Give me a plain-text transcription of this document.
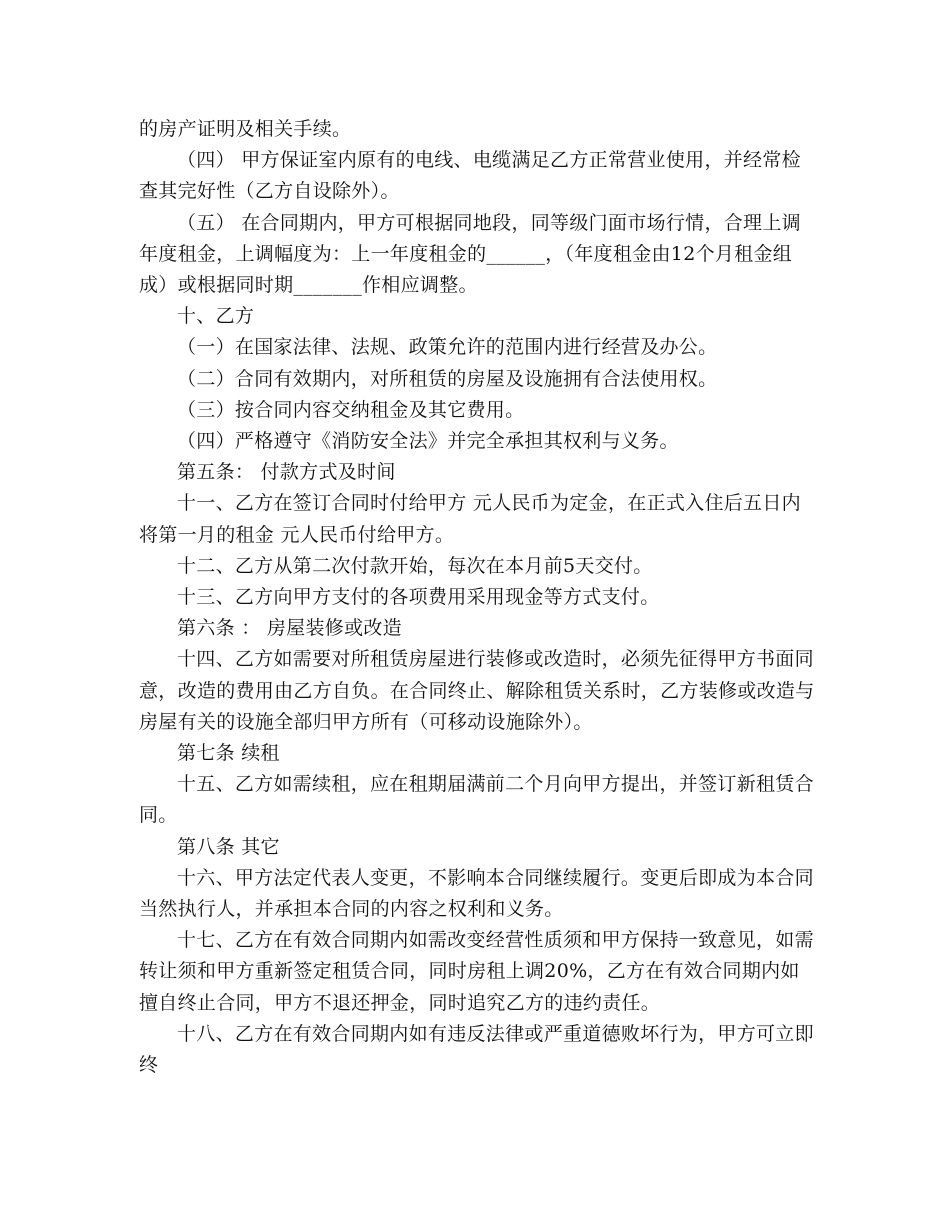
的房产证明及相关手续。

（四） 甲方保证室内原有的电线、电缆满足乙方正常营业使用，并经常检查其完好性（乙方自设除外）。

（五） 在合同期内，甲方可根据同地段，同等级门面市场行情，合理上调年度租金，上调幅度为：上一年度租金的______，（年度租金由12个月租金组成）或根据同时期_______作相应调整。

十、乙方

（一）在国家法律、法规、政策允许的范围内进行经营及办公。

（二）合同有效期内，对所租赁的房屋及设施拥有合法使用权。

（三）按合同内容交纳租金及其它费用。

（四）严格遵守《消防安全法》并完全承担其权利与义务。

第五条： 付款方式及时间

十一、乙方在签订合同时付给甲方 元人民币为定金，在正式入住后五日内将第一月的租金 元人民币付给甲方。

十二、乙方从第二次付款开始，每次在本月前5天交付。

十三、乙方向甲方支付的各项费用采用现金等方式支付。

第六条 ： 房屋装修或改造

十四、乙方如需要对所租赁房屋进行装修或改造时，必须先征得甲方书面同意，改造的费用由乙方自负。在合同终止、解除租赁关系时，乙方装修或改造与房屋有关的设施全部归甲方所有（可移动设施除外）。

第七条 续租

十五、乙方如需续租，应在租期届满前二个月向甲方提出，并签订新租赁合同。

第八条 其它

十六、甲方法定代表人变更，不影响本合同继续履行。变更后即成为本合同当然执行人，并承担本合同的内容之权利和义务。

十七、乙方在有效合同期内如需改变经营性质须和甲方保持一致意见，如需转让须和甲方重新签定租赁合同，同时房租上调20%，乙方在有效合同期内如擅自终止合同，甲方不退还押金，同时追究乙方的违约责任。

十八、乙方在有效合同期内如有违反法律或严重道德败坏行为，甲方可立即终
